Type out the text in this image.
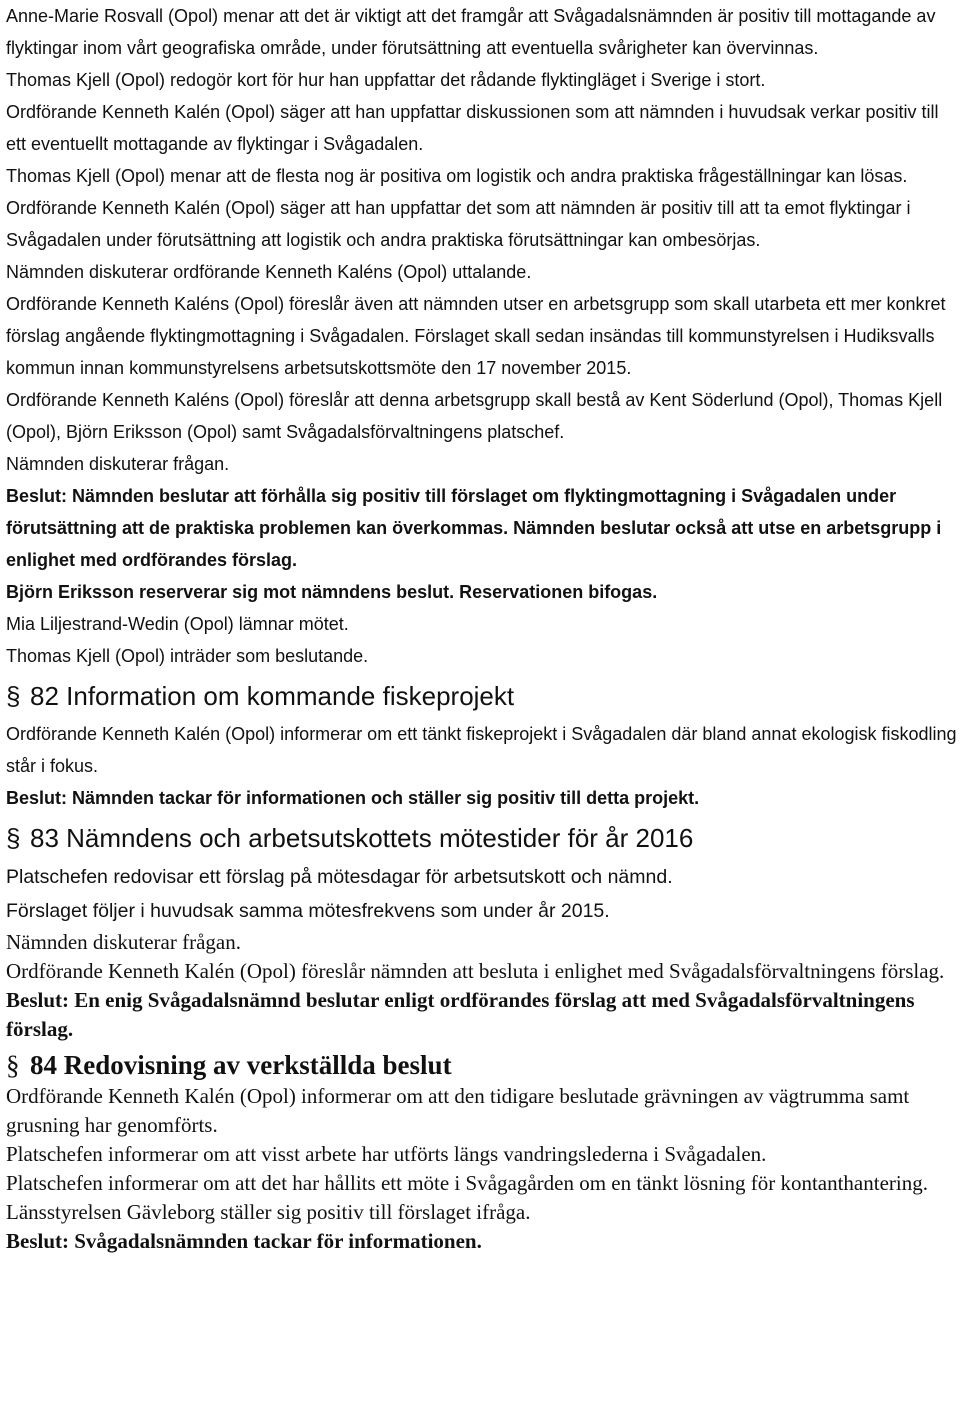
Anne-Marie Rosvall (Opol) menar att det är viktigt att det framgår att Svågadalsnämnden är positiv till mottagande av flyktingar inom vårt geografiska område, under förutsättning att eventuella svårigheter kan övervinnas.

Thomas Kjell (Opol) redogör kort för hur han uppfattar det rådande flyktingläget i Sverige i stort.

Ordförande Kenneth Kalén (Opol) säger att han uppfattar diskussionen som att nämnden i huvudsak verkar positiv till ett eventuellt mottagande av flyktingar i Svågadalen.

Thomas Kjell (Opol) menar att de flesta nog är positiva om logistik och andra praktiska frågeställningar kan lösas.

Ordförande Kenneth Kalén (Opol) säger att han uppfattar det som att nämnden är positiv till att ta emot flyktingar i Svågadalen under förutsättning att logistik och andra praktiska förutsättningar kan ombesörjas.

Nämnden diskuterar ordförande Kenneth Kaléns (Opol) uttalande.

Ordförande Kenneth Kaléns (Opol) föreslår även att nämnden utser en arbetsgrupp som skall utarbeta ett mer konkret förslag angående flyktingmottagning i Svågadalen. Förslaget skall sedan insändas till kommunstyrelsen i Hudiksvalls kommun innan kommunstyrelsens arbetsutskottsmöte den 17 november 2015.

Ordförande Kenneth Kaléns (Opol) föreslår att denna arbetsgrupp skall bestå av Kent Söderlund (Opol), Thomas Kjell (Opol), Björn Eriksson (Opol) samt Svågadalsförvaltningens platschef.

Nämnden diskuterar frågan.

Beslut: Nämnden beslutar att förhålla sig positiv till förslaget om flyktingmottagning i Svågadalen under förutsättning att de praktiska problemen kan överkommas. Nämnden beslutar också att utse en arbetsgrupp i enlighet med ordförandes förslag.

Björn Eriksson reserverar sig mot nämndens beslut. Reservationen bifogas.

Mia Liljestrand-Wedin (Opol) lämnar mötet.

Thomas Kjell (Opol) inträder som beslutande.

§ 82 Information om kommande fiskeprojekt

Ordförande Kenneth Kalén (Opol) informerar om ett tänkt fiskeprojekt i Svågadalen där bland annat ekologisk fiskodling står i fokus.

Beslut: Nämnden tackar för informationen och ställer sig positiv till detta projekt.

§ 83 Nämndens och arbetsutskottets mötestider för år 2016

Platschefen redovisar ett förslag på mötesdagar för arbetsutskott och nämnd.

Förslaget följer i huvudsak samma mötesfrekvens som under år 2015.

Nämnden diskuterar frågan.

Ordförande Kenneth Kalén (Opol) föreslår nämnden att besluta i enlighet med Svågadalsförvaltningens förslag.

Beslut: En enig Svågadalsnämnd beslutar enligt ordförandes förslag att med Svågadalsförvaltningens förslag.

§ 84 Redovisning av verkställda beslut

Ordförande Kenneth Kalén (Opol) informerar om att den tidigare beslutade grävningen av vägtrumma samt grusning har genomförts.

Platschefen informerar om att visst arbete har utförts längs vandringslederna i Svågadalen.

Platschefen informerar om att det har hållits ett möte i Svågagården om en tänkt lösning för kontanthantering. Länsstyrelsen Gävleborg ställer sig positiv till förslaget ifråga.

Beslut: Svågadalsnämnden tackar för informationen.
